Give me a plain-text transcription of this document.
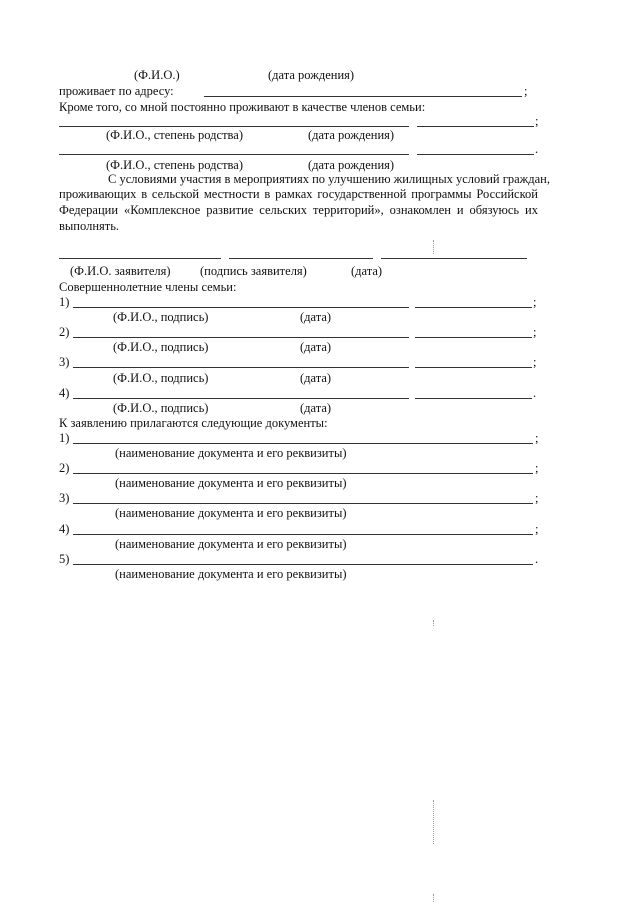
(Ф.И.О.)	(дата рождения)
проживает по адресу:	;
Кроме того, со мной постоянно проживают в качестве членов семьи:
;
(Ф.И.О., степень родства)	(дата рождения)
.
(Ф.И.О., степень родства)	(дата рождения)
С условиями участия в мероприятиях по улучшению жилищных условий граждан,
проживающих в сельской местности в рамках государственной программы Российской
Федерации «Комплексное развитие сельских территорий», ознакомлен и обязуюсь их
выполнять.
(Ф.И.О. заявителя) (подпись заявителя)	(дата)
Совершеннолетние члены семьи:
1)	;
(Ф.И.О., подпись)	(дата)
2)	;
(Ф.И.О., подпись)	(дата)
3)	;
(Ф.И.О., подпись)	(дата)
4)	.
(Ф.И.О., подпись)	(дата)
К заявлению прилагаются следующие документы:
1)	;
(наименование документа и его реквизиты)
2)	;
(наименование документа и его реквизиты)
3)	;
(наименование документа и его реквизиты)
4)	;
(наименование документа и его реквизиты)
5)	.
(наименование документа и его реквизиты)
